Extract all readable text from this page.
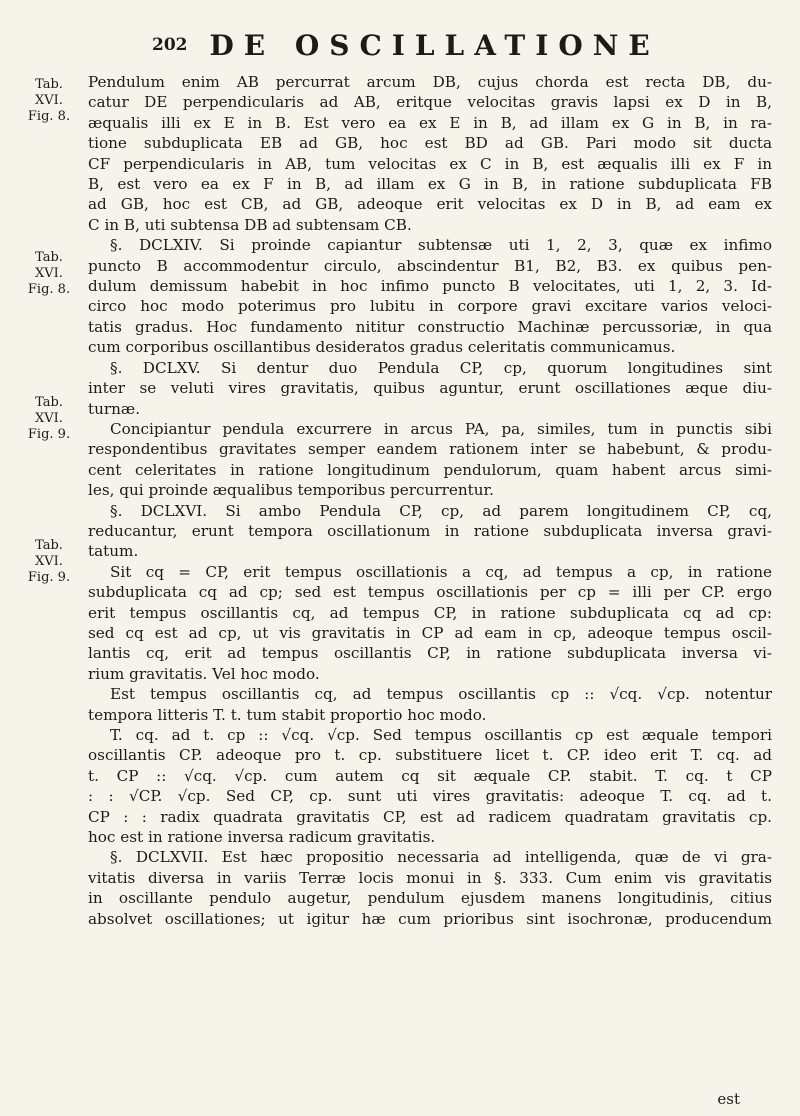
202 DE OSCILLATIONE
Tab.
XVI.
Fig. 8.
Tab.
XVI.
Fig. 8.
Tab.
XVI.
Fig. 9.
Tab.
XVI.
Fig. 9.
Pendulum enim AB percurrat arcum DB, cujus chorda est recta DB, du-
catur DE perpendicularis ad AB, eritque velocitas gravis lapsi ex D in B,
æqualis illi ex E in B. Est vero ea ex E in B, ad illam ex G in B, in ra-
tione subduplicata EB ad GB, hoc est BD ad GB. Pari modo sit ducta
CF perpendicularis in AB, tum velocitas ex C in B, est æqualis illi ex F in
B, est vero ea ex F in B, ad illam ex G in B, in ratione subduplicata FB
ad GB, hoc est CB, ad GB, adeoque erit velocitas ex D in B, ad eam ex
C in B, uti subtensa DB ad subtensam CB.
§. DCLXIV. Si proinde capiantur subtensæ uti 1, 2, 3, quæ ex infimo
puncto B accommodentur circulo, abscindentur B1, B2, B3. ex quibus pen-
dulum demissum habebit in hoc infimo puncto B velocitates, uti 1, 2, 3. Id-
circo hoc modo poterimus pro lubitu in corpore gravi excitare varios veloci-
tatis gradus. Hoc fundamento nititur constructio Machinæ percussoriæ, in qua
cum corporibus oscillantibus desideratos gradus celeritatis communicamus.
§. DCLXV. Si dentur duo Pendula CP, cp, quorum longitudines sint
inter se veluti vires gravitatis, quibus aguntur, erunt oscillationes æque diu-
turnæ.
Concipiantur pendula excurrere in arcus PA, pa, similes, tum in punctis sibi
respondentibus gravitates semper eandem rationem inter se habebunt, & produ-
cent celeritates in ratione longitudinum pendulorum, quam habent arcus simi-
les, qui proinde æqualibus temporibus percurrentur.
§. DCLXVI. Si ambo Pendula CP, cp, ad parem longitudinem CP, cq,
reducantur, erunt tempora oscillationum in ratione subduplicata inversa gravi-
tatum.
Sit cq = CP, erit tempus oscillationis a cq, ad tempus a cp, in ratione
subduplicata cq ad cp; sed est tempus oscillationis per cp = illi per CP. ergo
erit tempus oscillantis cq, ad tempus CP, in ratione subduplicata cq ad cp:
sed cq est ad cp, ut vis gravitatis in CP ad eam in cp, adeoque tempus oscil-
lantis cq, erit ad tempus oscillantis CP, in ratione subduplicata inversa vi-
rium gravitatis. Vel hoc modo.
Est tempus oscillantis cq, ad tempus oscillantis cp :: √cq. √cp. notentur
tempora litteris T. t. tum stabit proportio hoc modo.
T. cq. ad t. cp :: √cq. √cp. Sed tempus oscillantis cp est æquale tempori
oscillantis CP. adeoque pro t. cp. substituere licet t. CP. ideo erit T. cq. ad
t. CP :: √cq. √cp. cum autem cq sit æquale CP. stabit. T. cq. t CP
: : √CP. √cp. Sed CP, cp. sunt uti vires gravitatis: adeoque T. cq. ad t.
CP : : radix quadrata gravitatis CP, est ad radicem quadratam gravitatis cp.
hoc est in ratione inversa radicum gravitatis.
§. DCLXVII. Est hæc propositio necessaria ad intelligenda, quæ de vi gra-
vitatis diversa in variis Terræ locis monui in §. 333. Cum enim vis gravitatis
in oscillante pendulo augetur, pendulum ejusdem manens longitudinis, citius
absolvet oscillationes; ut igitur hæ cum prioribus sint isochronæ, producendum
est
